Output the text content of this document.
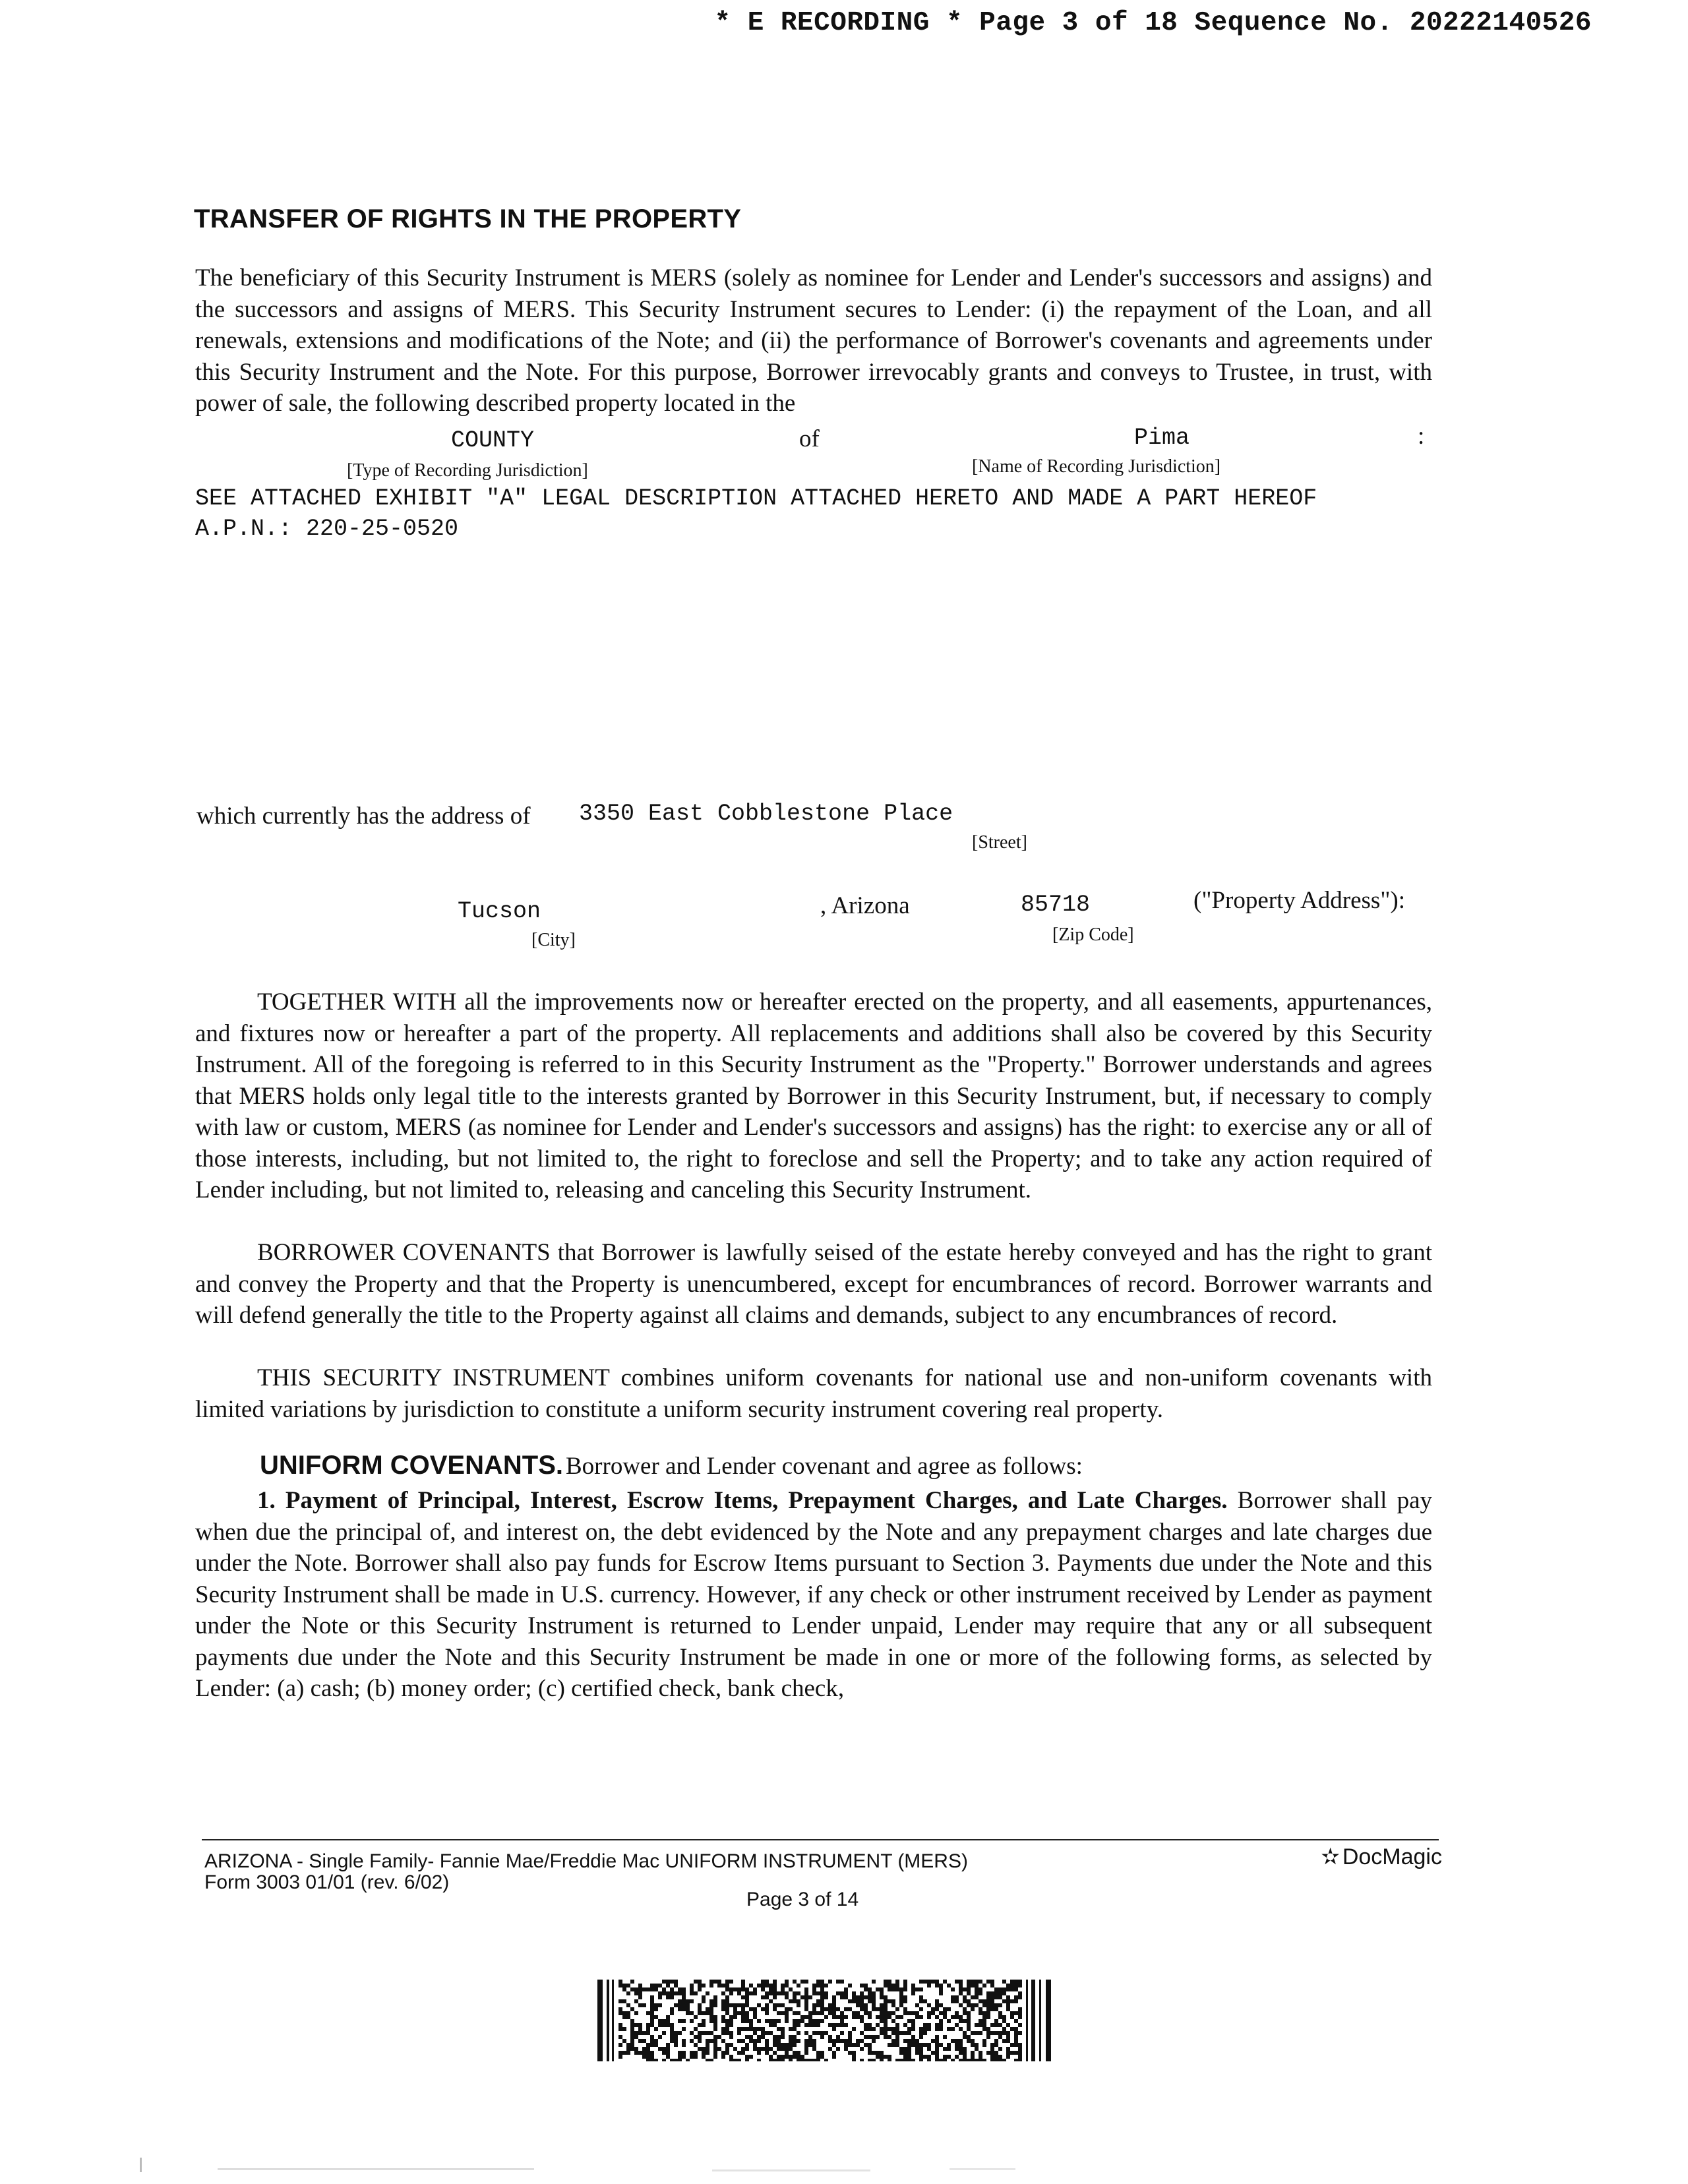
* E RECORDING * Page 3 of 18 Sequence No. 20222140526
TRANSFER OF RIGHTS IN THE PROPERTY

The beneficiary of this Security Instrument is MERS (solely as nominee for Lender and Lender's successors and assigns) and the successors and assigns of MERS. This Security Instrument secures to Lender: (i) the repayment of the Loan, and all renewals, extensions and modifications of the Note; and (ii) the performance of Borrower's covenants and agreements under this Security Instrument and the Note. For this purpose, Borrower irrevocably grants and conveys to Trustee, in trust, with power of sale, the following described property located in the

COUNTY	of	Pima	:
[Type of Recording Jurisdiction]	[Name of Recording Jurisdiction]
SEE ATTACHED EXHIBIT "A" LEGAL DESCRIPTION ATTACHED HERETO AND MADE A PART HEREOF
A.P.N.: 220-25-0520
which currently has the address of 3350 East Cobblestone Place
[Street]
Tucson	, Arizona	85718	("Property Address"):
[City]	[Zip Code]

TOGETHER WITH all the improvements now or hereafter erected on the property, and all easements, appurtenances, and fixtures now or hereafter a part of the property. All replacements and additions shall also be covered by this Security Instrument. All of the foregoing is referred to in this Security Instrument as the "Property." Borrower understands and agrees that MERS holds only legal title to the interests granted by Borrower in this Security Instrument, but, if necessary to comply with law or custom, MERS (as nominee for Lender and Lender's successors and assigns) has the right: to exercise any or all of those interests, including, but not limited to, the right to foreclose and sell the Property; and to take any action required of Lender including, but not limited to, releasing and canceling this Security Instrument.

BORROWER COVENANTS that Borrower is lawfully seised of the estate hereby conveyed and has the right to grant and convey the Property and that the Property is unencumbered, except for encumbrances of record. Borrower warrants and will defend generally the title to the Property against all claims and demands, subject to any encumbrances of record.

THIS SECURITY INSTRUMENT combines uniform covenants for national use and non-uniform covenants with limited variations by jurisdiction to constitute a uniform security instrument covering real property.

UNIFORM COVENANTS. Borrower and Lender covenant and agree as follows:

1. Payment of Principal, Interest, Escrow Items, Prepayment Charges, and Late Charges. Borrower shall pay when due the principal of, and interest on, the debt evidenced by the Note and any prepayment charges and late charges due under the Note. Borrower shall also pay funds for Escrow Items pursuant to Section 3. Payments due under the Note and this Security Instrument shall be made in U.S. currency. However, if any check or other instrument received by Lender as payment under the Note or this Security Instrument is returned to Lender unpaid, Lender may require that any or all subsequent payments due under the Note and this Security Instrument be made in one or more of the following forms, as selected by Lender: (a) cash; (b) money order; (c) certified check, bank check,

ARIZONA - Single Family- Fannie Mae/Freddie Mac UNIFORM INSTRUMENT (MERS)
Form 3003 01/01 (rev. 6/02)
Page 3 of 14
✫ DocMagic
